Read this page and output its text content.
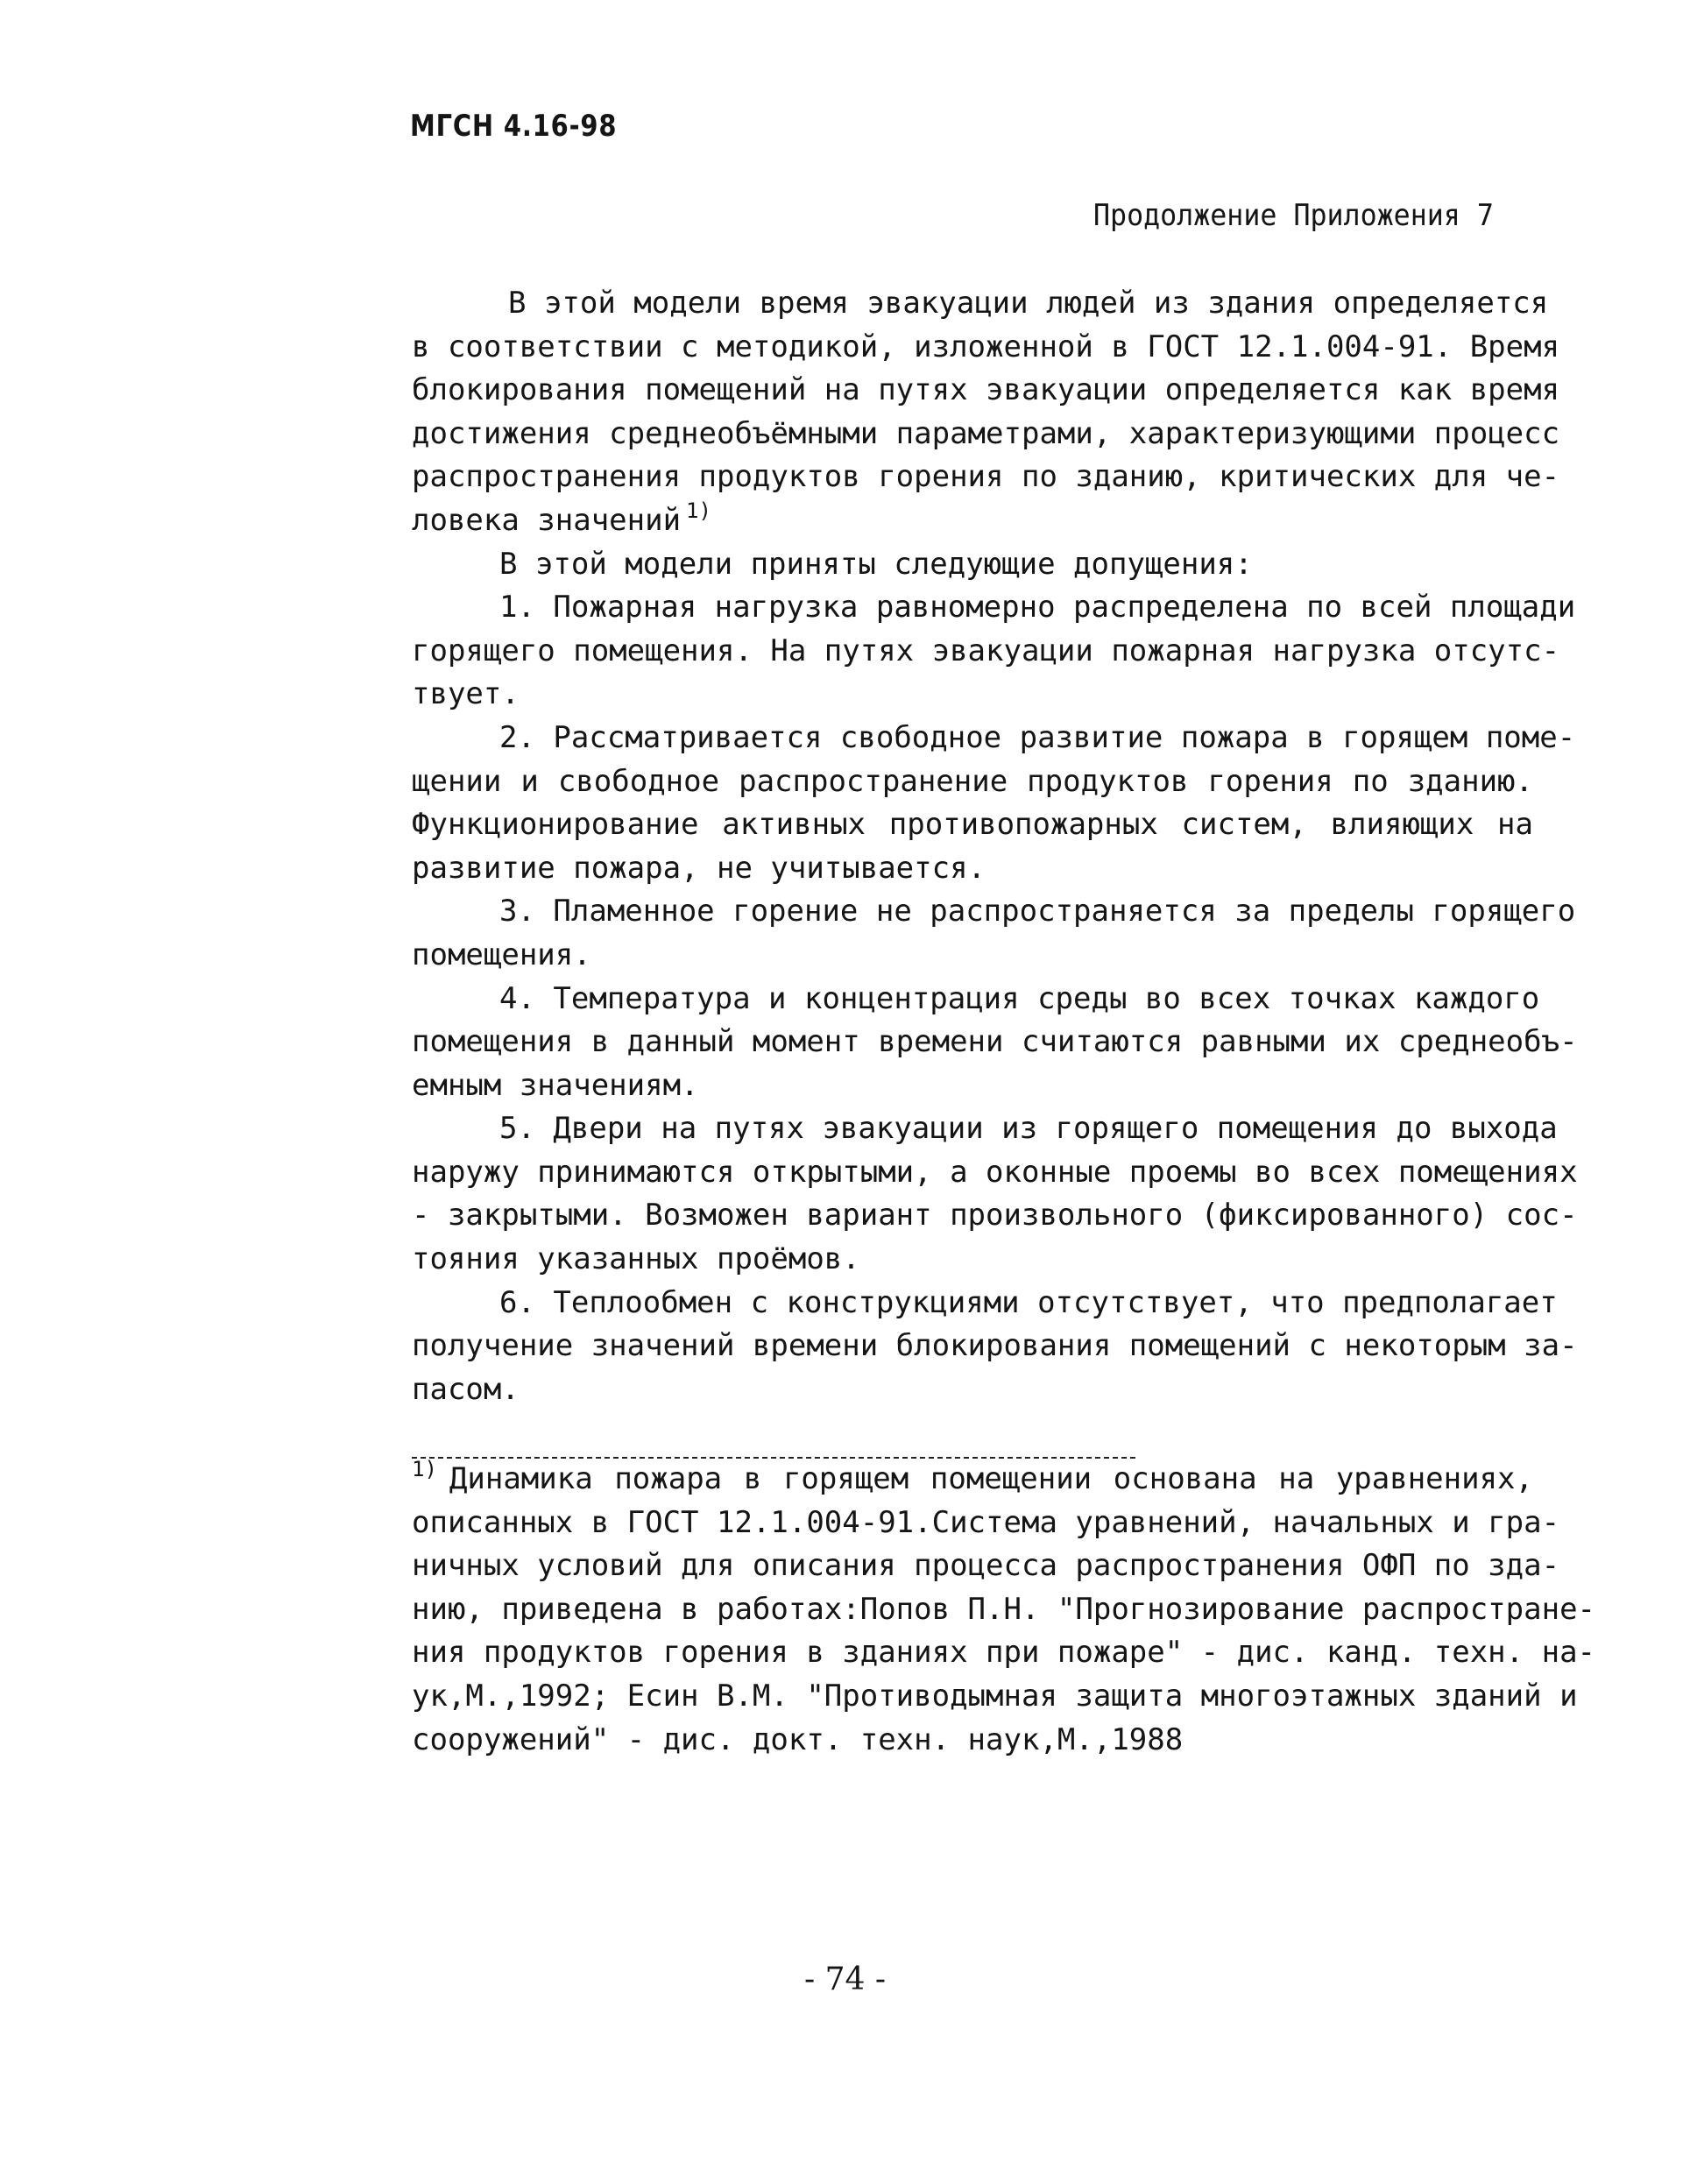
МГСН 4.16-98
Продолжение Приложения 7
В этой модели время эвакуации людей из здания определяется
в соответствии с методикой, изложенной в ГОСТ 12.1.004-91. Время
блокирования помещений на путях эвакуации определяется как время
достижения среднеобъёмными параметрами, характеризующими процесс
распространения продуктов горения по зданию, критических для че-
ловека значений $^{1)}$
В этой модели приняты следующие допущения:
1. Пожарная нагрузка равномерно распределена по всей площади
горящего помещения. На путях эвакуации пожарная нагрузка отсутс-
твует.
2. Рассматривается свободное развитие пожара в горящем поме-
щении и свободное распространение продуктов горения по зданию.
Функционирование активных противопожарных систем, влияющих на
развитие пожара, не учитывается.
3. Пламенное горение не распространяется за пределы горящего
помещения.
4. Температура и концентрация среды во всех точках каждого
помещения в данный момент времени считаются равными их среднеобъ-
емным значениям.
5. Двери на путях эвакуации из горящего помещения до выхода
наружу принимаются открытыми, а оконные проемы во всех помещениях
- закрытыми. Возможен вариант произвольного (фиксированного) сос-
тояния указанных проёмов.
6. Теплообмен с конструкциями отсутствует, что предполагает
получение значений времени блокирования помещений с некоторым за-
пасом.
$^{1)}$ Динамика пожара в горящем помещении основана на уравнениях,
описанных в ГОСТ 12.1.004-91.Система уравнений, начальных и гра-
ничных условий для описания процесса распространения ОФП по зда-
нию, приведена в работах:Попов П.Н. "Прогнозирование распростране-
ния продуктов горения в зданиях при пожаре" - дис. канд. техн. на-
ук,М.,1992; Есин В.М. "Противодымная защита многоэтажных зданий и
сооружений" - дис. докт. техн. наук,М.,1988
- 74 -
